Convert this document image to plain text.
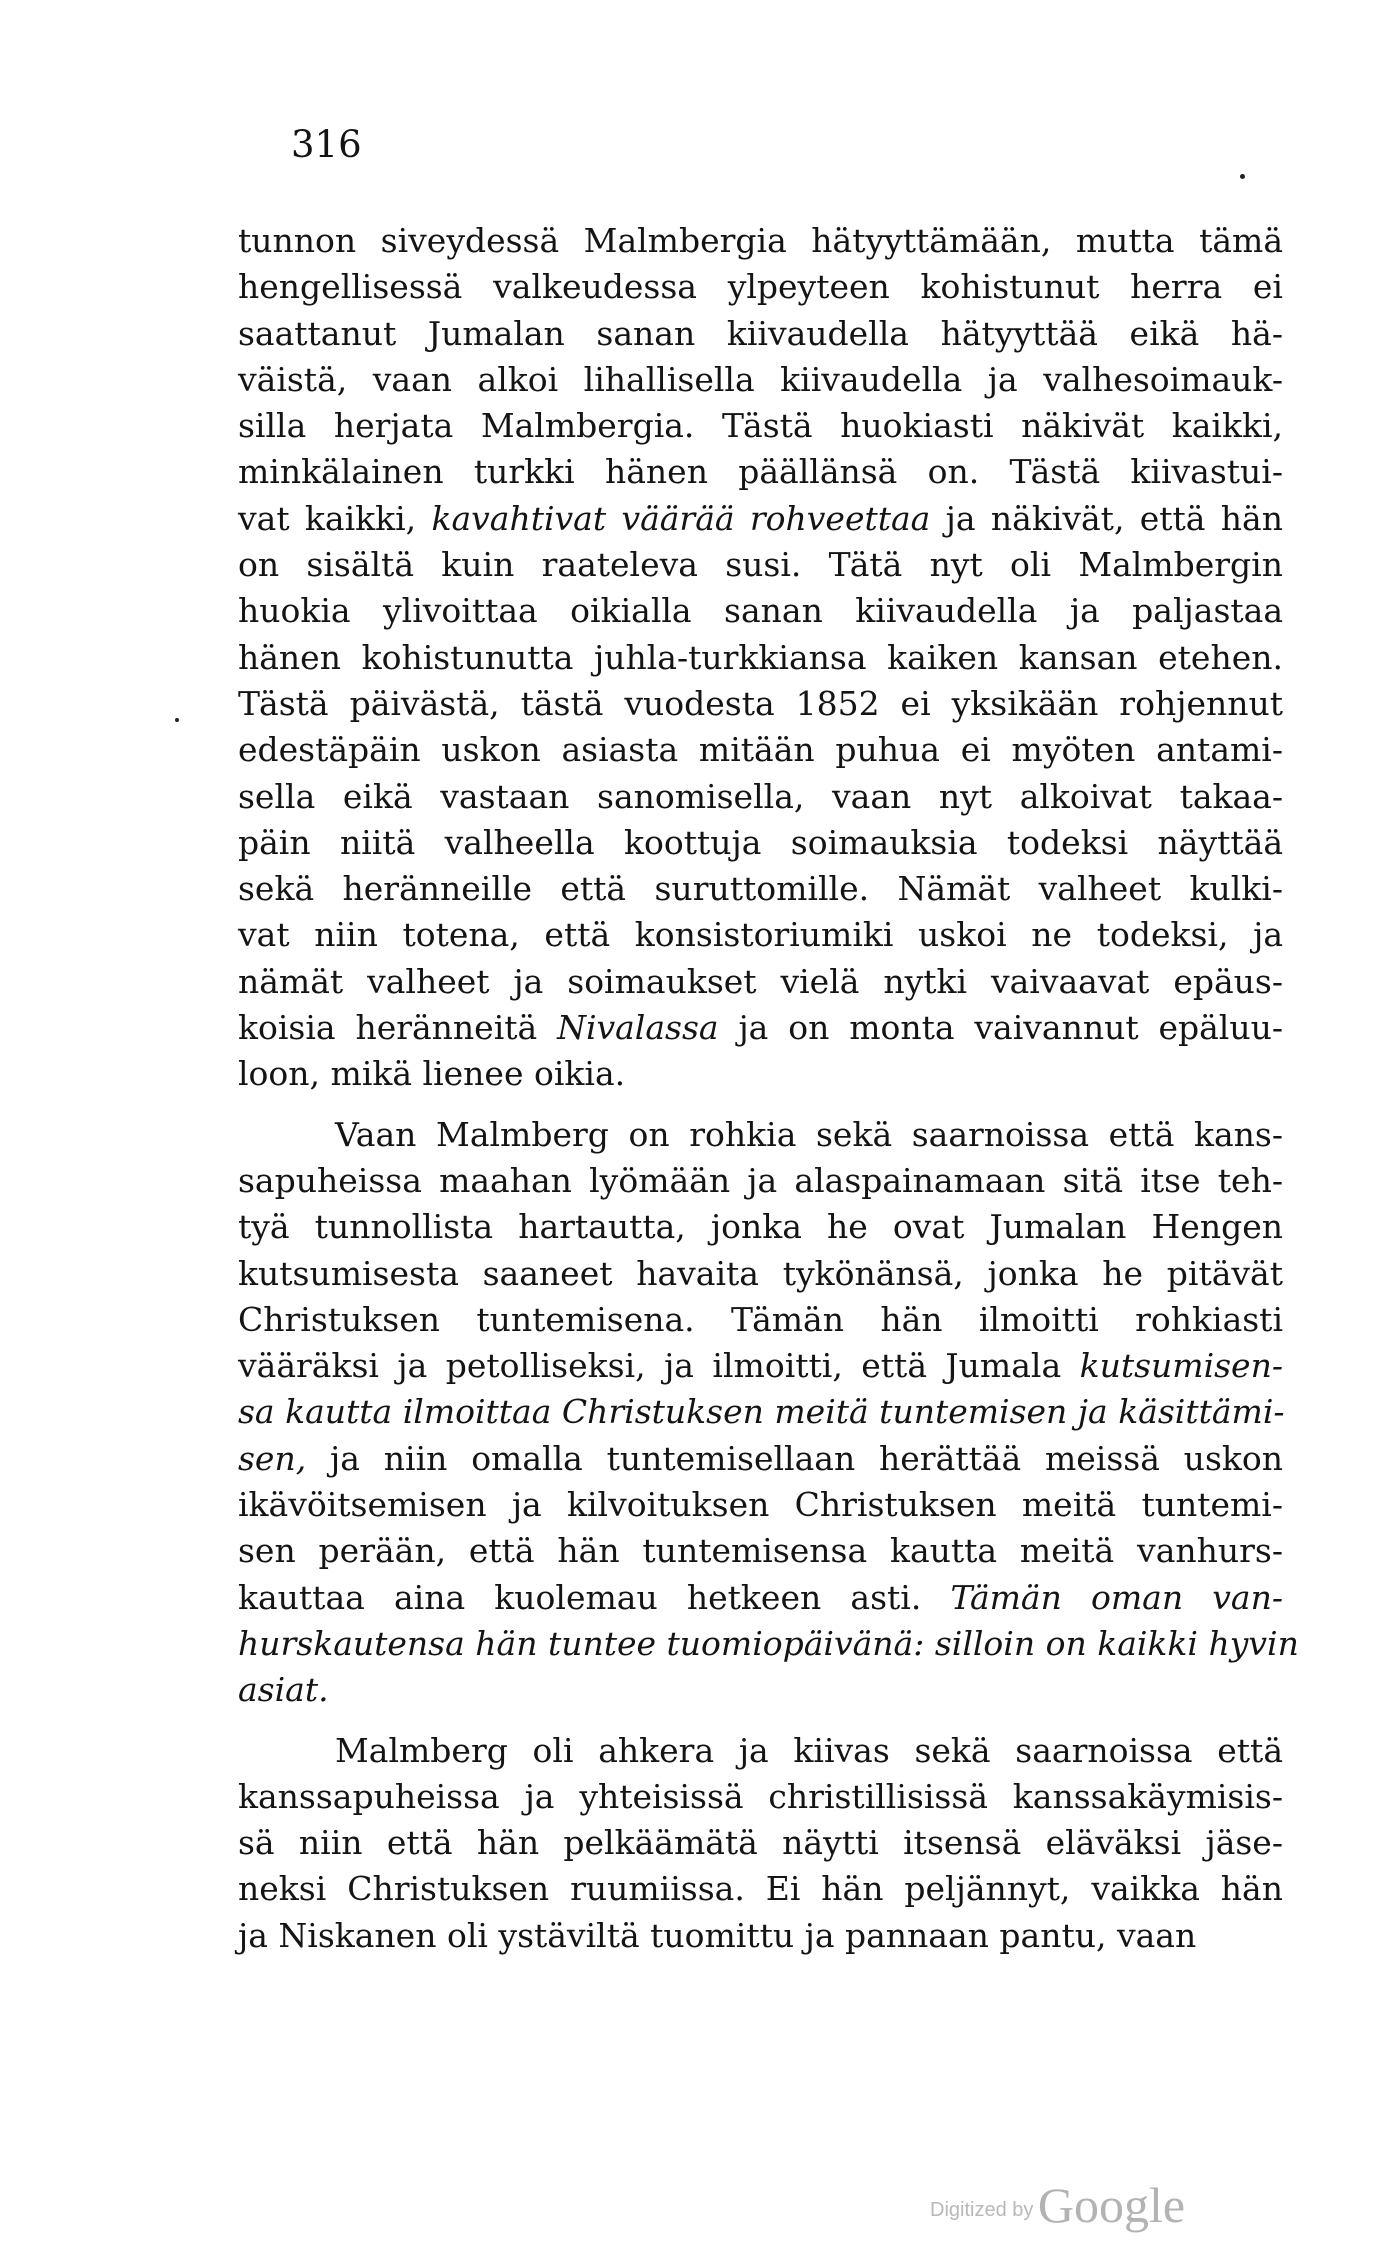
316
tunnon siveydessä Malmbergia hätyyttämään, mutta tämä
hengellisessä valkeudessa ylpeyteen kohistunut herra ei
saattanut Jumalan sanan kiivaudella hätyyttää eikä hä-
väistä, vaan alkoi lihallisella kiivaudella ja valhesoimauk-
silla herjata Malmbergia. Tästä huokiasti näkivät kaikki,
minkälainen turkki hänen päällänsä on. Tästä kiivastui-
vat kaikki, kavahtivat väärää rohveettaa ja näkivät, että hän
on sisältä kuin raateleva susi. Tätä nyt oli Malmbergin
huokia ylivoittaa oikialla sanan kiivaudella ja paljastaa
hänen kohistunutta juhla-turkkiansa kaiken kansan etehen.
Tästä päivästä, tästä vuodesta 1852 ei yksikään rohjennut
edestäpäin uskon asiasta mitään puhua ei myöten antami-
sella eikä vastaan sanomisella, vaan nyt alkoivat takaa-
päin niitä valheella koottuja soimauksia todeksi näyttää
sekä heränneille että suruttomille. Nämät valheet kulki-
vat niin totena, että konsistoriumiki uskoi ne todeksi, ja
nämät valheet ja soimaukset vielä nytki vaivaavat epäus-
koisia heränneitä Nivalassa ja on monta vaivannut epäluu-
loon, mikä lienee oikia.
Vaan Malmberg on rohkia sekä saarnoissa että kans-
sapuheissa maahan lyömään ja alaspainamaan sitä itse teh-
tyä tunnollista hartautta, jonka he ovat Jumalan Hengen
kutsumisesta saaneet havaita tykönänsä, jonka he pitävät
Christuksen tuntemisena. Tämän hän ilmoitti rohkiasti
vääräksi ja petolliseksi, ja ilmoitti, että Jumala kutsumisen-
sa kautta ilmoittaa Christuksen meitä tuntemisen ja käsittämi-
sen, ja niin omalla tuntemisellaan herättää meissä uskon
ikävöitsemisen ja kilvoituksen Christuksen meitä tuntemi-
sen perään, että hän tuntemisensa kautta meitä vanhurs-
kauttaa aina kuolemau hetkeen asti. Tämän oman van-
hurskautensa hän tuntee tuomiopäivänä: silloin on kaikki hyvin
asiat.
Malmberg oli ahkera ja kiivas sekä saarnoissa että
kanssapuheissa ja yhteisissä christillisissä kanssakäymisis-
sä niin että hän pelkäämätä näytti itsensä eläväksi jäse-
neksi Christuksen ruumiissa. Ei hän peljännyt, vaikka hän
ja Niskanen oli ystäviltä tuomittu ja pannaan pantu, vaan
Digitized by Google
